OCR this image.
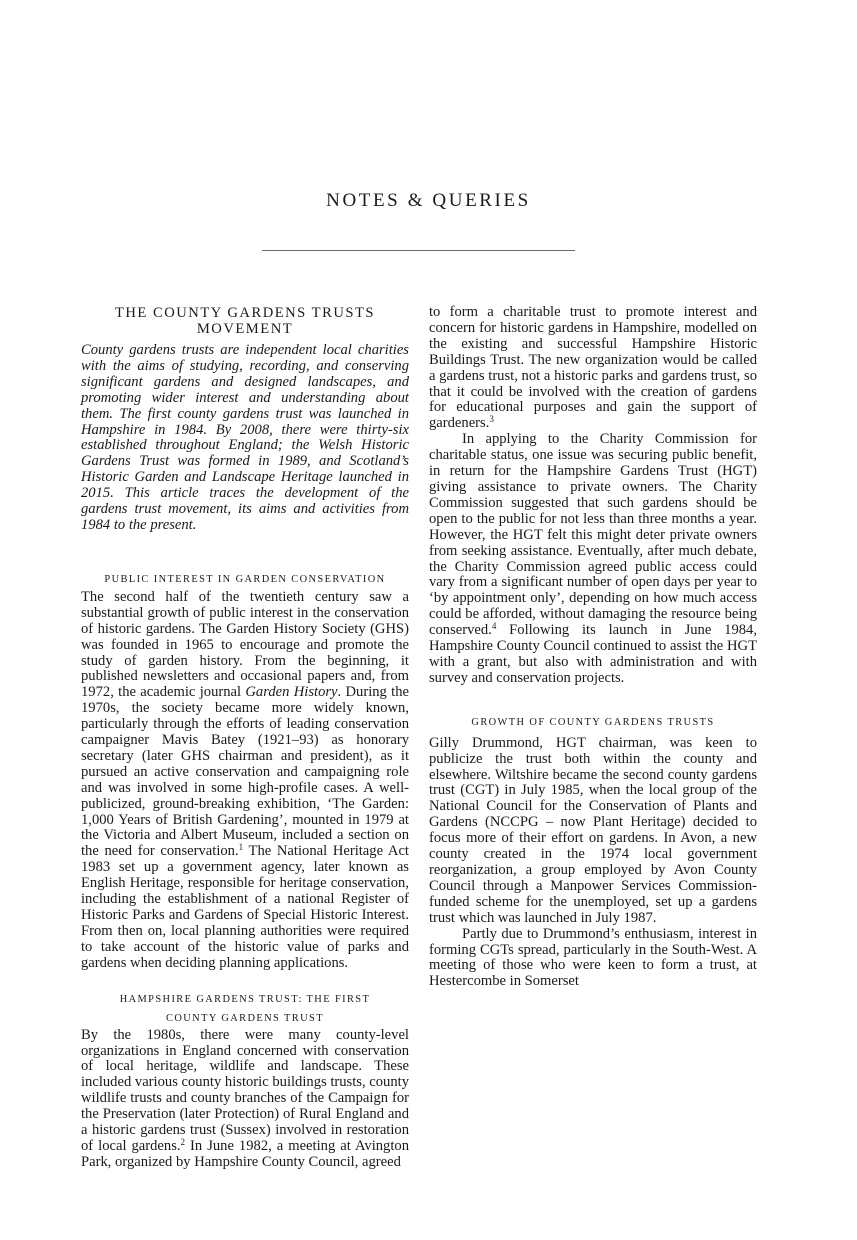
NOTES & QUERIES
THE COUNTY GARDENS TRUSTS MOVEMENT

County gardens trusts are independent local charities with the aims of studying, recording, and conserving significant gardens and designed landscapes, and promoting wider interest and understanding about them. The first county gardens trust was launched in Hampshire in 1984. By 2008, there were thirty-six established throughout England; the Welsh Historic Gardens Trust was formed in 1989, and Scotland’s Historic Garden and Landscape Heritage launched in 2015. This article traces the development of the gardens trust movement, its aims and activities from 1984 to the present.

PUBLIC INTEREST IN GARDEN CONSERVATION

The second half of the twentieth century saw a substantial growth of public interest in the conservation of historic gardens. The Garden History Society (GHS) was founded in 1965 to encourage and promote the study of garden history. From the beginning, it published newsletters and occasional papers and, from 1972, the academic journal Garden History. During the 1970s, the society became more widely known, particularly through the efforts of leading conservation campaigner Mavis Batey (1921–93) as honorary secretary (later GHS chairman and president), as it pursued an active conservation and campaigning role and was involved in some high-profile cases. A well-publicized, ground-breaking exhibition, ‘The Garden: 1,000 Years of British Gardening’, mounted in 1979 at the Victoria and Albert Museum, included a section on the need for conservation.$^1$ The National Heritage Act 1983 set up a government agency, later known as English Heritage, responsible for heritage conservation, including the establishment of a national Register of Historic Parks and Gardens of Special Historic Interest. From then on, local planning authorities were required to take account of the historic value of parks and gardens when deciding planning applications.

HAMPSHIRE GARDENS TRUST: THE FIRST
COUNTY GARDENS TRUST

By the 1980s, there were many county-level organizations in England concerned with conservation of local heritage, wildlife and landscape. These included various county historic buildings trusts, county wildlife trusts and county branches of the Campaign for the Preservation (later Protection) of Rural England and a historic gardens trust (Sussex) involved in restoration of local gardens.$^2$ In June 1982, a meeting at Avington Park, organized by Hampshire County Council, agreed

to form a charitable trust to promote interest and concern for historic gardens in Hampshire, modelled on the existing and successful Hampshire Historic Buildings Trust. The new organization would be called a gardens trust, not a historic parks and gardens trust, so that it could be involved with the creation of gardens for educational purposes and gain the support of gardeners.$^3$

In applying to the Charity Commission for charitable status, one issue was securing public benefit, in return for the Hampshire Gardens Trust (HGT) giving assistance to private owners. The Charity Commission suggested that such gardens should be open to the public for not less than three months a year. However, the HGT felt this might deter private owners from seeking assistance. Eventually, after much debate, the Charity Commission agreed public access could vary from a significant number of open days per year to ‘by appointment only’, depending on how much access could be afforded, without damaging the resource being conserved.$^4$ Following its launch in June 1984, Hampshire County Council continued to assist the HGT with a grant, but also with administration and with survey and conservation projects.

GROWTH OF COUNTY GARDENS TRUSTS

Gilly Drummond, HGT chairman, was keen to publicize the trust both within the county and elsewhere. Wiltshire became the second county gardens trust (CGT) in July 1985, when the local group of the National Council for the Conservation of Plants and Gardens (NCCPG – now Plant Heritage) decided to focus more of their effort on gardens. In Avon, a new county created in the 1974 local government reorganization, a group employed by Avon County Council through a Manpower Services Commission-funded scheme for the unemployed, set up a gardens trust which was launched in July 1987.

Partly due to Drummond’s enthusiasm, interest in forming CGTs spread, particularly in the South-West. A meeting of those who were keen to form a trust, at Hestercombe in Somerset
